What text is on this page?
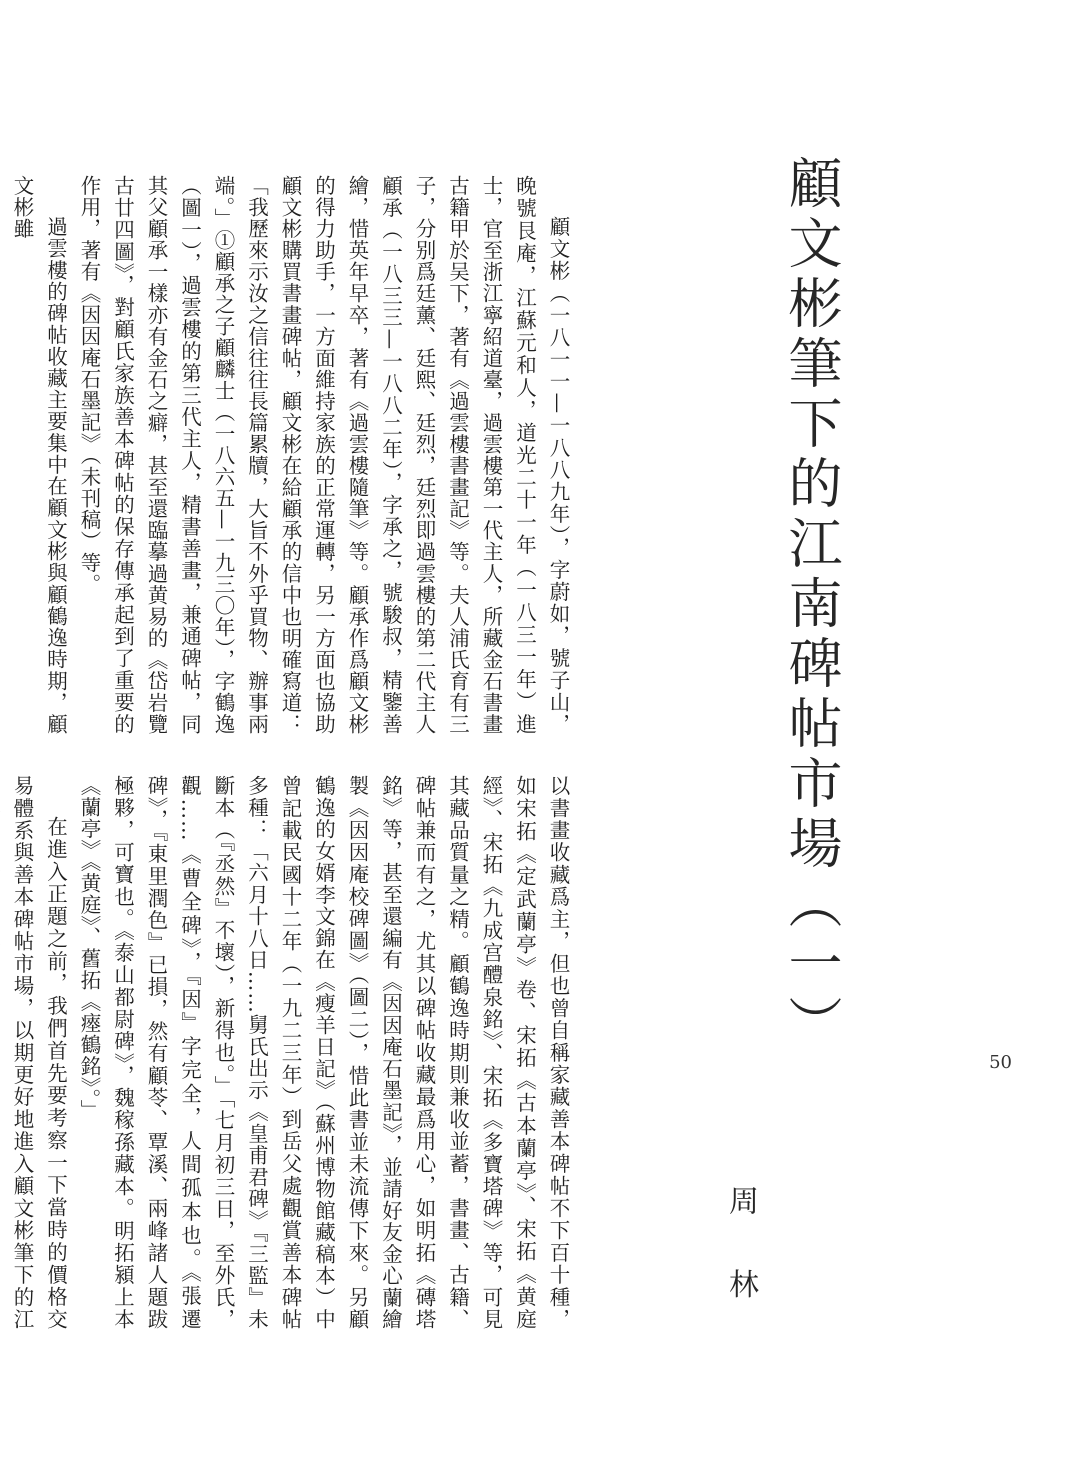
顧文彬筆下的江南碑帖市場（一）
周 林

顧文彬（一八一一—一八八九年），字蔚如，號子山，晚號艮庵，江蘇元和人，道光二十一年（一八三一年）進士，官至浙江寧紹道臺，過雲樓第一代主人，所藏金石書畫古籍甲於吴下，著有《過雲樓書畫記》等。夫人浦氏育有三子，分别爲廷薰、廷熙、廷烈，廷烈即過雲樓的第二代主人顧承（一八三三—一八八二年），字承之，號駿叔，精鑒善繪，惜英年早卒，著有《過雲樓隨筆》等。顧承作爲顧文彬的得力助手，一方面維持家族的正常運轉，另一方面也協助顧文彬購買書畫碑帖，顧文彬在給顧承的信中也明確寫道：「我歷來示汝之信往往長篇累牘，大旨不外乎買物、辦事兩端。」①顧承之子顧麟士（一八六五—一九三〇年），字鶴逸（圖一），過雲樓的第三代主人，精書善畫，兼通碑帖，同其父顧承一樣亦有金石之癖，甚至還臨摹過黄易的《岱岩覽古廿四圖》，對顧氏家族善本碑帖的保存傳承起到了重要的作用，著有《因因庵石墨記》（未刊稿）等。

過雲樓的碑帖收藏主要集中在顧文彬與顧鶴逸時期，顧文彬雖

以書畫收藏爲主，但也曾自稱家藏善本碑帖不下百十種，如宋拓《定武蘭亭》卷、宋拓《古本蘭亭》、宋拓《黄庭經》、宋拓《九成宫醴泉銘》、宋拓《多寶塔碑》等，可見其藏品質量之精。顧鶴逸時期則兼收並蓄，書畫、古籍、碑帖兼而有之，尤其以碑帖收藏最爲用心，如明拓《磚塔銘》等，甚至還編有《因因庵石墨記》，並請好友金心蘭繪製《因因庵校碑圖》（圖二），惜此書並未流傳下來。另顧鶴逸的女婿李文錦在《瘦羊日記》（蘇州博物館藏稿本）中曾記載民國十二年（一九二三年）到岳父處觀賞善本碑帖多種：「六月十八日……舅氏出示《皇甫君碑》『三監』未斷本（『丞然』不壞），新得也。」「七月初三日，至外氏，觀……《曹全碑》，『因』字完全，人間孤本也。《張遷碑》，『東里潤色』已損，然有顧苓、覃溪、兩峰諸人題跋極夥，可寶也。《泰山都尉碑》，魏稼孫藏本。明拓潁上本《蘭亭》《黄庭》、舊拓《瘞鶴銘》。」

在進入正題之前，我們首先要考察一下當時的價格交易體系與善本碑帖市場，以期更好地進入顧文彬筆下的江

50
